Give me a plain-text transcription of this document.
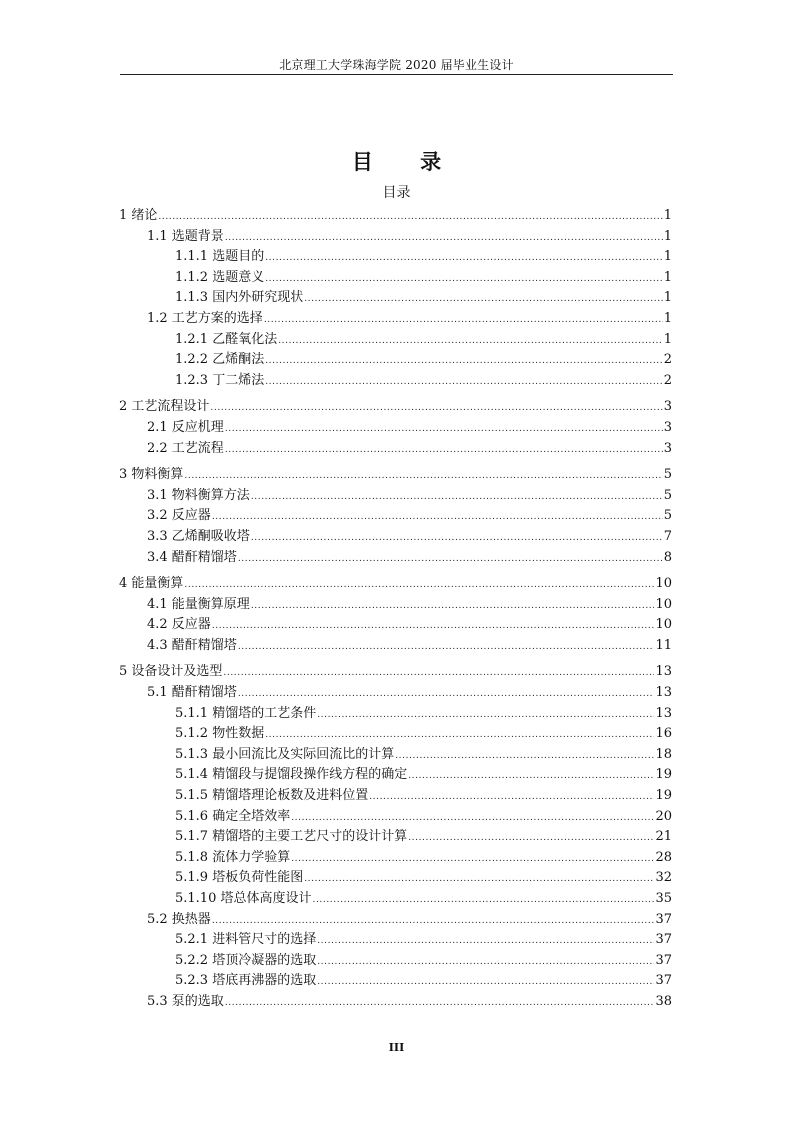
北京理工大学珠海学院 2020 届毕业生设计
目 录
目录
1 绪论 .....	1
1.1 选题背景 .....	1
1.1.1 选题目的 .....	1
1.1.2 选题意义 .....	1
1.1.3 国内外研究现状 .....	1
1.2 工艺方案的选择 .....	1
1.2.1 乙醛氧化法 .....	1
1.2.2 乙烯酮法 .....	2
1.2.3 丁二烯法 .....	2
2 工艺流程设计 .....	3
2.1 反应机理 .....	3
2.2 工艺流程 .....	3
3 物料衡算 .....	5
3.1 物料衡算方法 .....	5
3.2 反应器 .....	5
3.3 乙烯酮吸收塔 .....	7
3.4 醋酐精馏塔 .....	8
4 能量衡算 .....	10
4.1 能量衡算原理 .....	10
4.2 反应器 .....	10
4.3 醋酐精馏塔 .....	11
5 设备设计及选型 .....	13
5.1 醋酐精馏塔 .....	13
5.1.1 精馏塔的工艺条件 .....	13
5.1.2 物性数据 .....	16
5.1.3 最小回流比及实际回流比的计算 .....	18
5.1.4 精馏段与提馏段操作线方程的确定 .....	19
5.1.5 精馏塔理论板数及进料位置 .....	19
5.1.6 确定全塔效率 .....	20
5.1.7 精馏塔的主要工艺尺寸的设计计算 .....	21
5.1.8 流体力学验算 .....	28
5.1.9 塔板负荷性能图 .....	32
5.1.10 塔总体高度设计 .....	35
5.2 换热器 .....	37
5.2.1 进料管尺寸的选择 .....	37
5.2.2 塔顶冷凝器的选取 .....	37
5.2.3 塔底再沸器的选取 .....	37
5.3 泵的选取 .....	38
III
